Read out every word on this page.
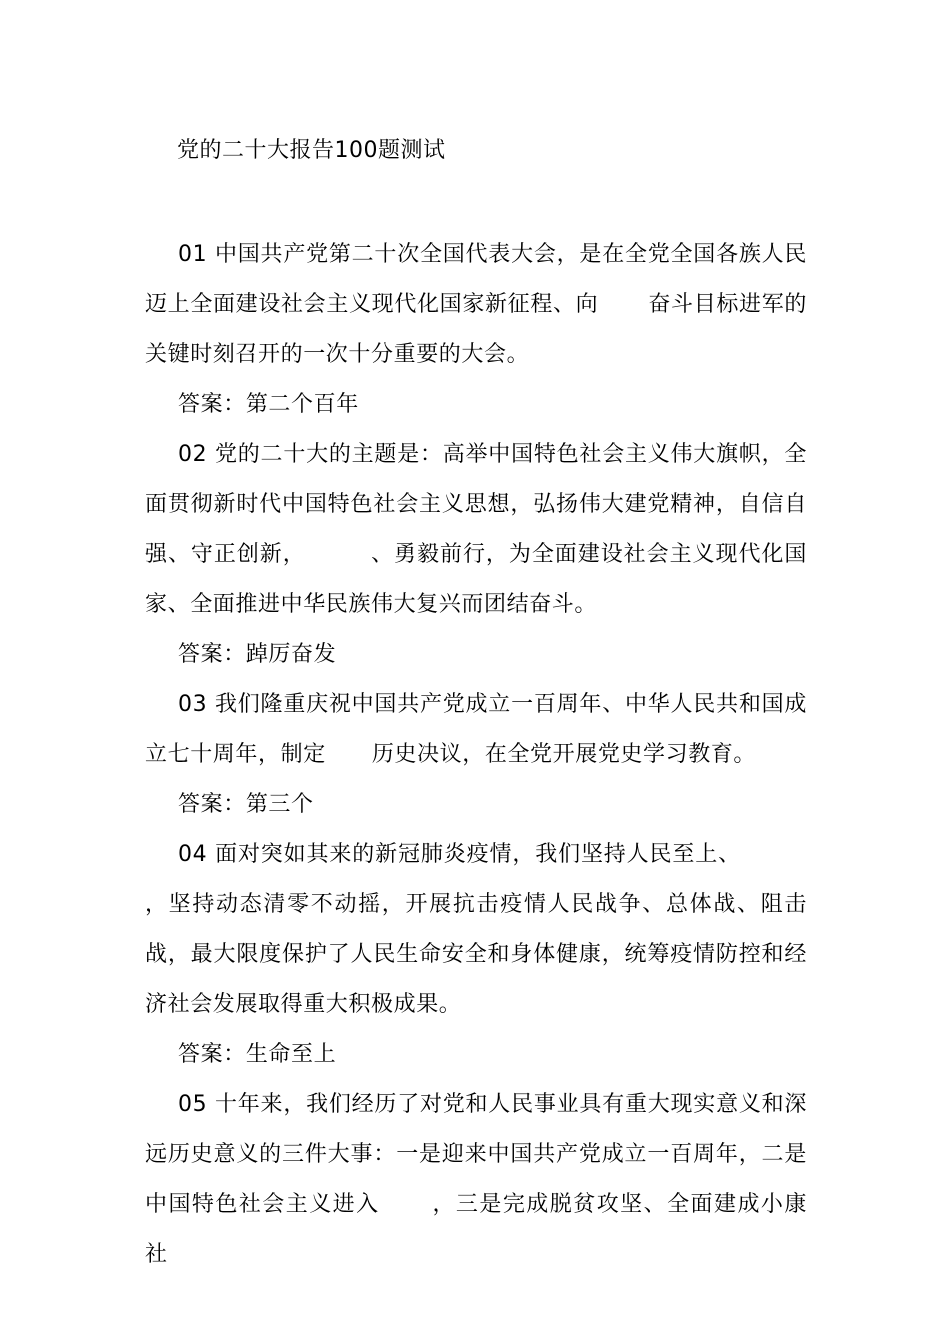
党的二十大报告100题测试

01 中国共产党第二十次全国代表大会，是在全党全国各族人民迈上全面建设社会主义现代化国家新征程、向 奋斗目标进军的关键时刻召开的一次十分重要的大会。

答案：第二个百年

02 党的二十大的主题是：高举中国特色社会主义伟大旗帜，全面贯彻新时代中国特色社会主义思想，弘扬伟大建党精神，自信自强、守正创新，	、勇毅前行，为全面建设社会主义现代化国家、全面推进中华民族伟大复兴而团结奋斗。

答案：踔厉奋发

03 我们隆重庆祝中国共产党成立一百周年、中华人民共和国成立七十周年，制定 历史决议，在全党开展党史学习教育。

答案：第三个

04 面对突如其来的新冠肺炎疫情，我们坚持人民至上、，坚持动态清零不动摇，开展抗击疫情人民战争、总体战、阻击战，最大限度保护了人民生命安全和身体健康，统筹疫情防控和经济社会发展取得重大积极成果。

答案：生命至上

05 十年来，我们经历了对党和人民事业具有重大现实意义和深远历史意义的三件大事：一是迎来中国共产党成立一百周年，二是中国特色社会主义进入 ，三是完成脱贫攻坚、全面建成小康社
